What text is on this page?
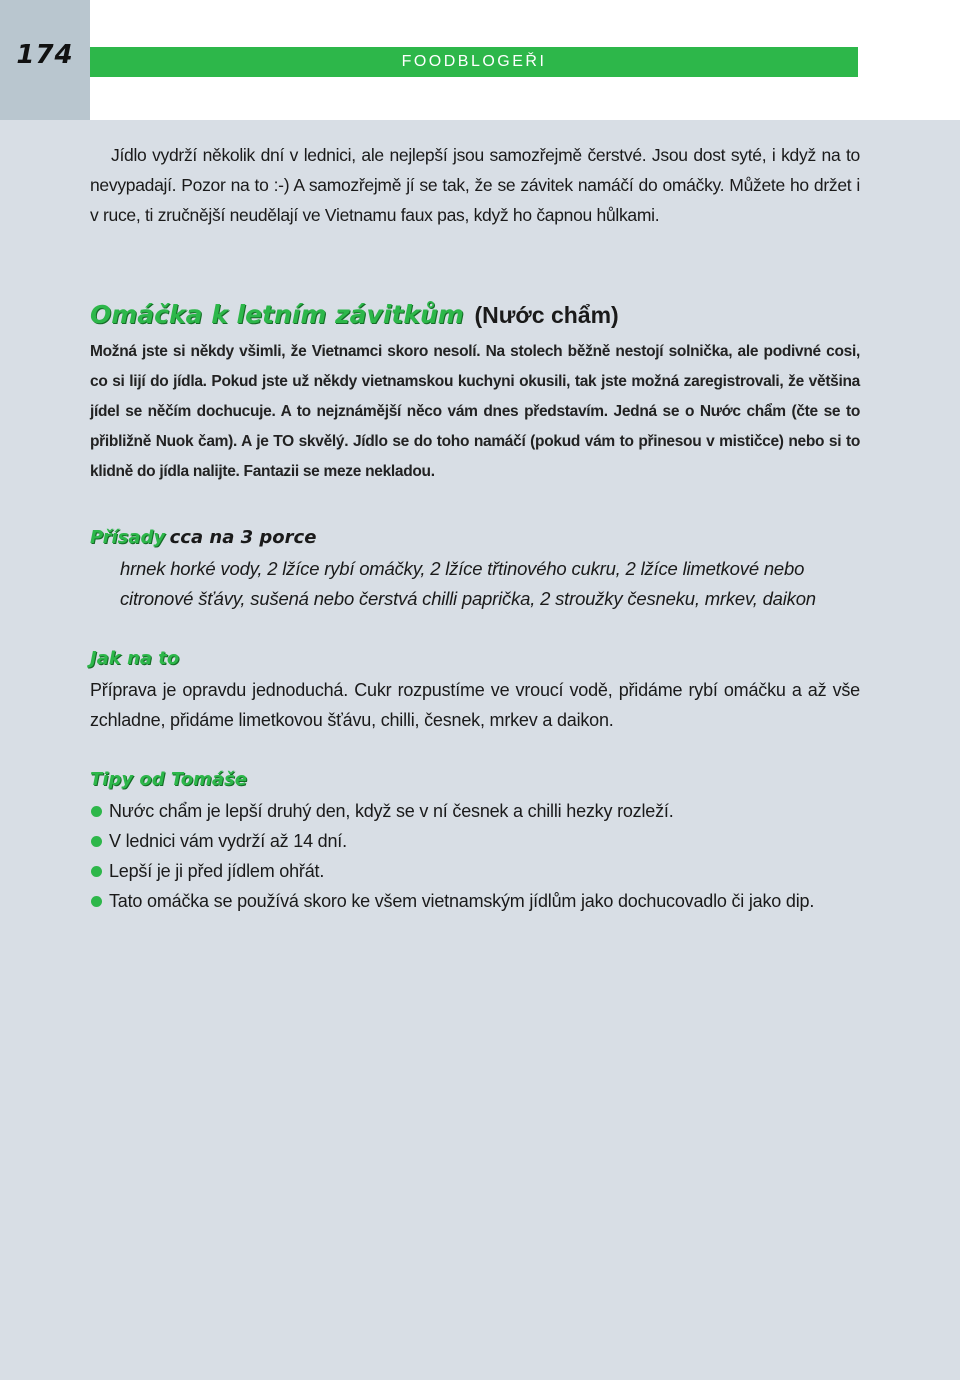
174	FOODBLOGEŘI

Jídlo vydrží několik dní v lednici, ale nejlepší jsou samozřejmě čerstvé. Jsou dost syté, i když na to nevypadají. Pozor na to :-) A samozřejmě jí se tak, že se závitek namáčí do omáčky. Můžete ho držet i v ruce, ti zručnější neudělají ve Vietnamu faux pas, když ho čapnou hůlkami.

Omáčka k letním závitkům (Nước chẩm)

Možná jste si někdy všimli, že Vietnamci skoro nesolí. Na stolech běžně nestojí solnička, ale podivné cosi, co si lijí do jídla. Pokud jste už někdy vietnamskou kuchyni okusili, tak jste možná zaregistrovali, že většina jídel se něčím dochucuje. A to nejznámější něco vám dnes představím. Jedná se o Nước chẩm (čte se to přibližně Nuok čam). A je TO skvělý. Jídlo se do toho namáčí (pokud vám to přinesou v mističce) nebo si to klidně do jídla nalijte. Fantazii se meze nekladou.

Přísady cca na 3 porce

hrnek horké vody, 2 lžíce rybí omáčky, 2 lžíce třtinového cukru, 2 lžíce limetkové nebo citronové šťávy, sušená nebo čerstvá chilli paprička, 2 stroužky česneku, mrkev, daikon

Jak na to

Příprava je opravdu jednoduchá. Cukr rozpustíme ve vroucí vodě, přidáme rybí omáčku a až vše zchladne, přidáme limetkovou šťávu, chilli, česnek, mrkev a daikon.

Tipy od Tomáše
Nước chẩm je lepší druhý den, když se v ní česnek a chilli hezky rozleží.
V lednici vám vydrží až 14 dní.
Lepší je ji před jídlem ohřát.
Tato omáčka se používá skoro ke všem vietnamským jídlům jako dochucovadlo či jako dip.
